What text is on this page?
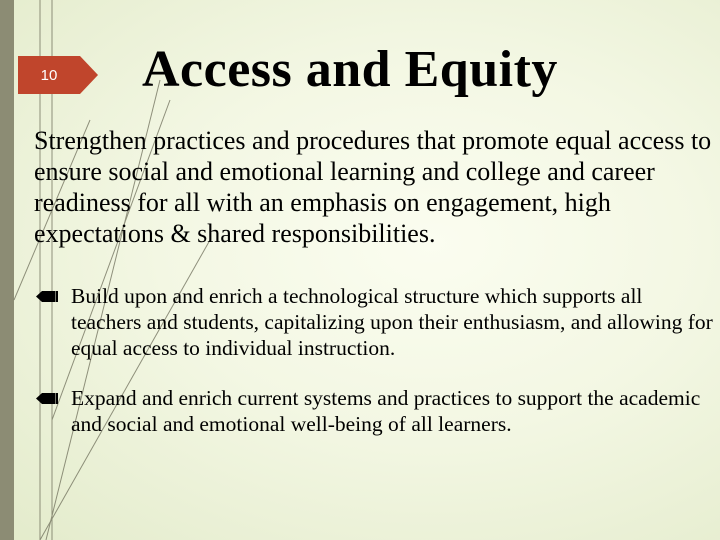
10	Access and Equity
Strengthen practices and procedures that promote equal access to ensure social and emotional learning and college and career readiness for all with an emphasis on engagement, high expectations & shared responsibilities.
Build upon and enrich a technological structure which supports all teachers and students, capitalizing upon their enthusiasm, and allowing for equal access to individual instruction.
Expand and enrich current systems and practices to support the academic and social and emotional well-being of all learners.
